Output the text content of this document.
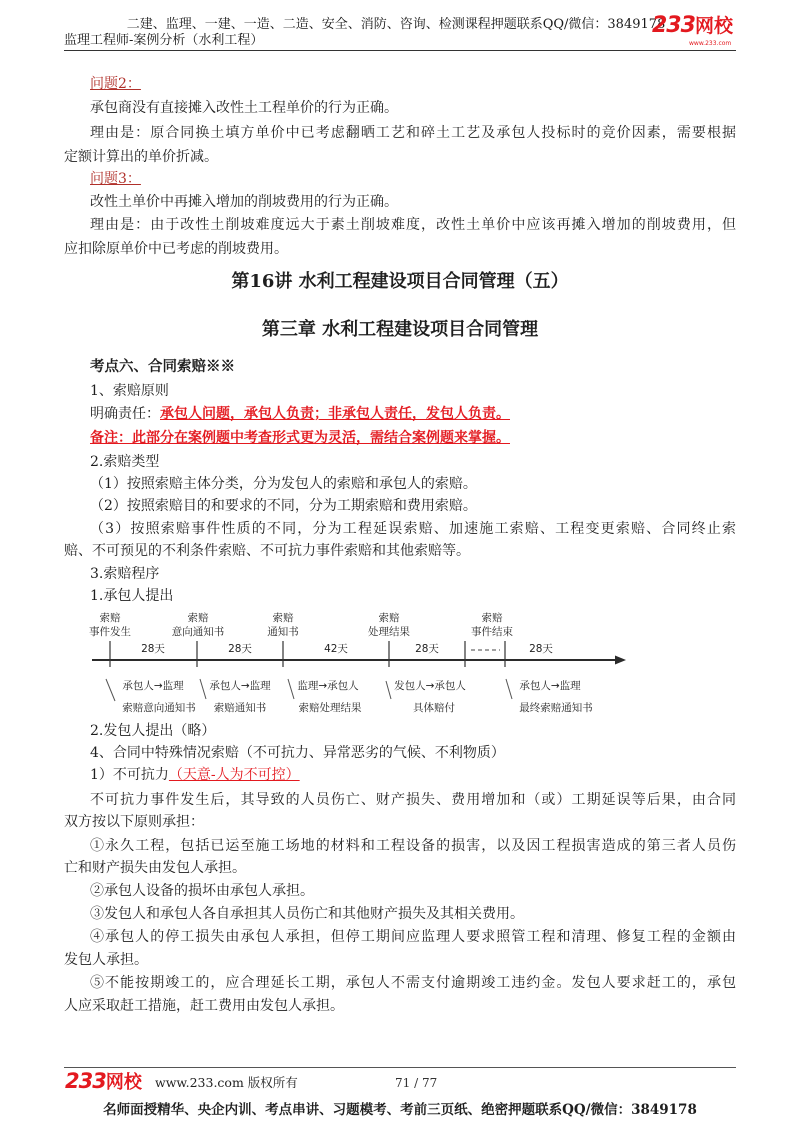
二建、监理、一建、一造、二造、安全、消防、咨询、检测课程押题联系QQ/微信：3849178
监理工程师-案例分析（水利工程）
233网校
www.233.com
问题2：
承包商没有直接摊入改性土工程单价的行为正确。
理由是：原合同换土填方单价中已考虑翻晒工艺和碎土工艺及承包人投标时的竞价因素，需要根据
定额计算出的单价折减。
问题3：
改性土单价中再摊入增加的削坡费用的行为正确。
理由是：由于改性土削坡难度远大于素土削坡难度，改性土单价中应该再摊入增加的削坡费用，但
应扣除原单价中已考虑的削坡费用。
第16讲 水利工程建设项目合同管理（五）
第三章 水利工程建设项目合同管理
考点六、合同索赔※※
1、索赔原则
明确责任：承包人问题，承包人负责；非承包人责任，发包人负责。
备注：此部分在案例题中考查形式更为灵活，需结合案例题来掌握。
2.索赔类型
（1）按照索赔主体分类，分为发包人的索赔和承包人的索赔。
（2）按照索赔目的和要求的不同，分为工期索赔和费用索赔。
（3）按照索赔事件性质的不同，分为工程延误索赔、加速施工索赔、工程变更索赔、合同终止索
赔、不可预见的不利条件索赔、不可抗力事件索赔和其他索赔等。
3.索赔程序
1.承包人提出
索赔
事件发生
索赔
意向通知书
索赔
通知书
索赔
处理结果
索赔
事件结束
28天	28天	42天	28天	28天
承包人→监理
索赔意向通知书
承包人→监理
索赔通知书
监理→承包人
索赔处理结果
发包人→承包人
具体赔付
承包人→监理
最终索赔通知书
2.发包人提出（略）
4、合同中特殊情况索赔（不可抗力、异常恶劣的气候、不利物质）
1）不可抗力（天意-人为不可控）
不可抗力事件发生后，其导致的人员伤亡、财产损失、费用增加和（或）工期延误等后果，由合同
双方按以下原则承担：
①永久工程，包括已运至施工场地的材料和工程设备的损害，以及因工程损害造成的第三者人员伤
亡和财产损失由发包人承担。
②承包人设备的损坏由承包人承担。
③发包人和承包人各自承担其人员伤亡和其他财产损失及其相关费用。
④承包人的停工损失由承包人承担，但停工期间应监理人要求照管工程和清理、修复工程的金额由
发包人承担。
⑤不能按期竣工的，应合理延长工期，承包人不需支付逾期竣工违约金。发包人要求赶工的，承包
人应采取赶工措施，赶工费用由发包人承担。
233网校 www.233.com 版权所有	71 / 77
名师面授精华、央企内训、考点串讲、习题模考、考前三页纸、绝密押题联系QQ/微信：3849178
